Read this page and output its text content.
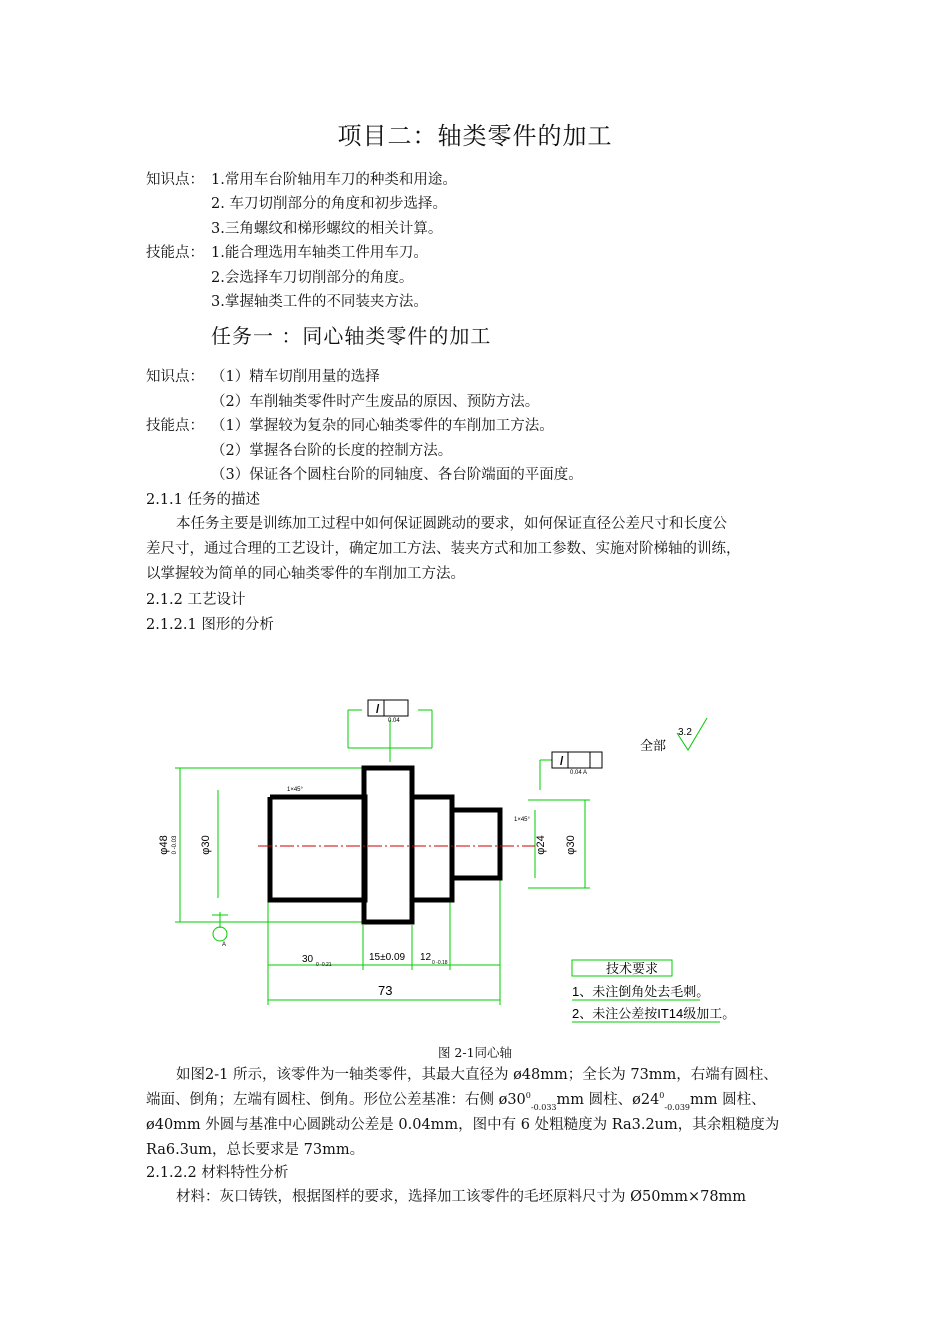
项目二：轴类零件的加工
知识点： 1.常用车台阶轴用车刀的种类和用途。
2. 车刀切削部分的角度和初步选择。
3.三角螺纹和梯形螺纹的相关计算。
技能点： 1.能合理选用车轴类工件用车刀。
2.会选择车刀切削部分的角度。
3.掌握轴类工件的不同装夹方法。
任务一 ：同心轴类零件的加工
知识点： （1）精车切削用量的选择
（2）车削轴类零件时产生废品的原因、预防方法。
技能点： （1）掌握较为复杂的同心轴类零件的车削加工方法。
（2）掌握各台阶的长度的控制方法。
（3）保证各个圆柱台阶的同轴度、各台阶端面的平面度。
2.1.1 任务的描述
本任务主要是训练加工过程中如何保证圆跳动的要求，如何保证直径公差尺寸和长度公
差尺寸，通过合理的工艺设计，确定加工方法、装夹方式和加工参数、实施对阶梯轴的训练，
以掌握较为简单的同心轴类零件的车削加工方法。
2.1.2 工艺设计
2.1.2.1 图形的分析
/
0.04
/
0.04 A
全部
3.2
1×45°
1×45°
φ48 0 -0.03 φ30	φ24 φ30
A
30 0 -0.21
15±0.09 12 0 -0.18
73
技术要求
1、未注倒角处去毛刺。
2、未注公差按IT14级加工。
图 2-1同心轴
如图2-1 所示，该零件为一轴类零件，其最大直径为 ø48mm；全长为 73mm，右端有圆柱、
端面、倒角；左端有圆柱、倒角。形位公差基准：右侧 $ø30^0_{-0.033}mm$ 圆柱、$ø24^0_{-0.039}mm$ 圆柱、
ø40mm 外圆与基准中心圆跳动公差是 0.04mm，图中有 6 处粗糙度为 Ra3.2um，其余粗糙度为
Ra6.3um，总长要求是 73mm。
2.1.2.2 材料特性分析
材料：灰口铸铁，根据图样的要求，选择加工该零件的毛坯原料尺寸为 Ø50mm×78mm
